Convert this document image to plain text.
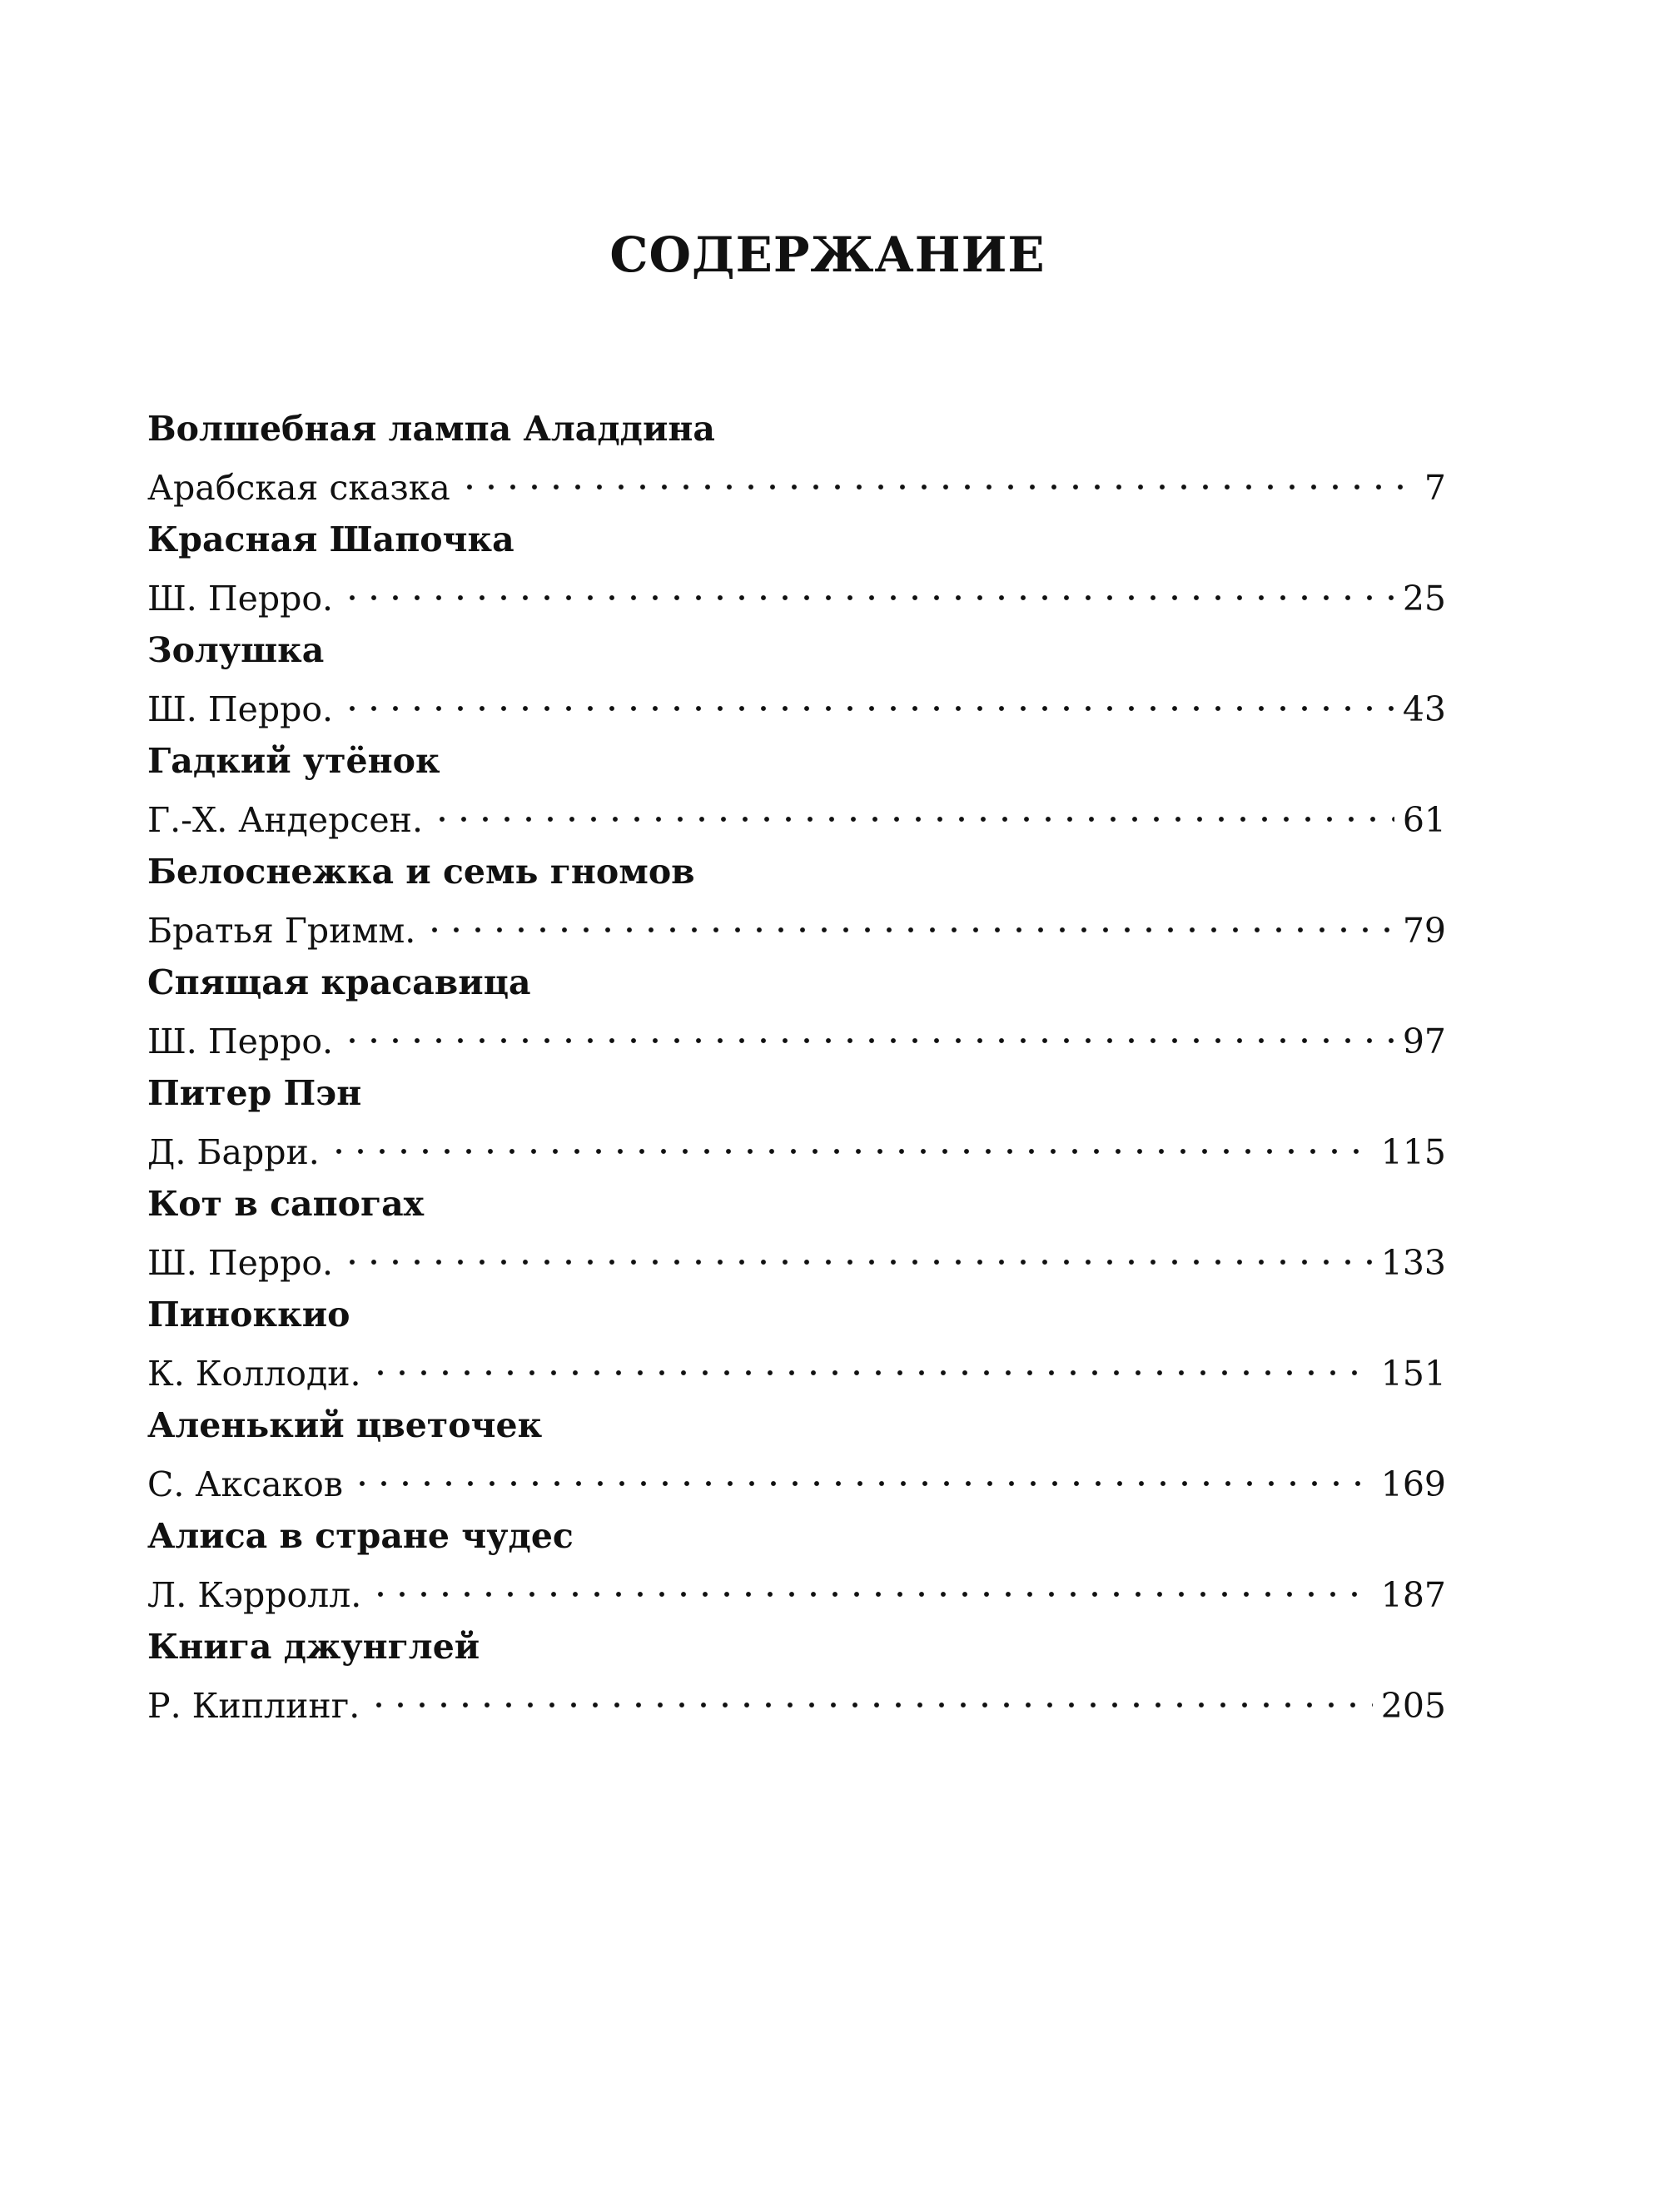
СОДЕРЖАНИЕ
Волшебная лампа Аладдина
Арабская сказка	7
Красная Шапочка
Ш. Перро.	25
Золушка
Ш. Перро.	43
Гадкий утёнок
Г.-Х. Андерсен.	61
Белоснежка и семь гномов
Братья Гримм.	79
Спящая красавица
Ш. Перро.	97
Питер Пэн
Д. Барри.	115
Кот в сапогах
Ш. Перро.	133
Пиноккио
К. Коллоди.	151
Аленький цветочек
С. Аксаков	169
Алиса в стране чудес
Л. Кэрролл.	187
Книга джунглей
Р. Киплинг.	205
